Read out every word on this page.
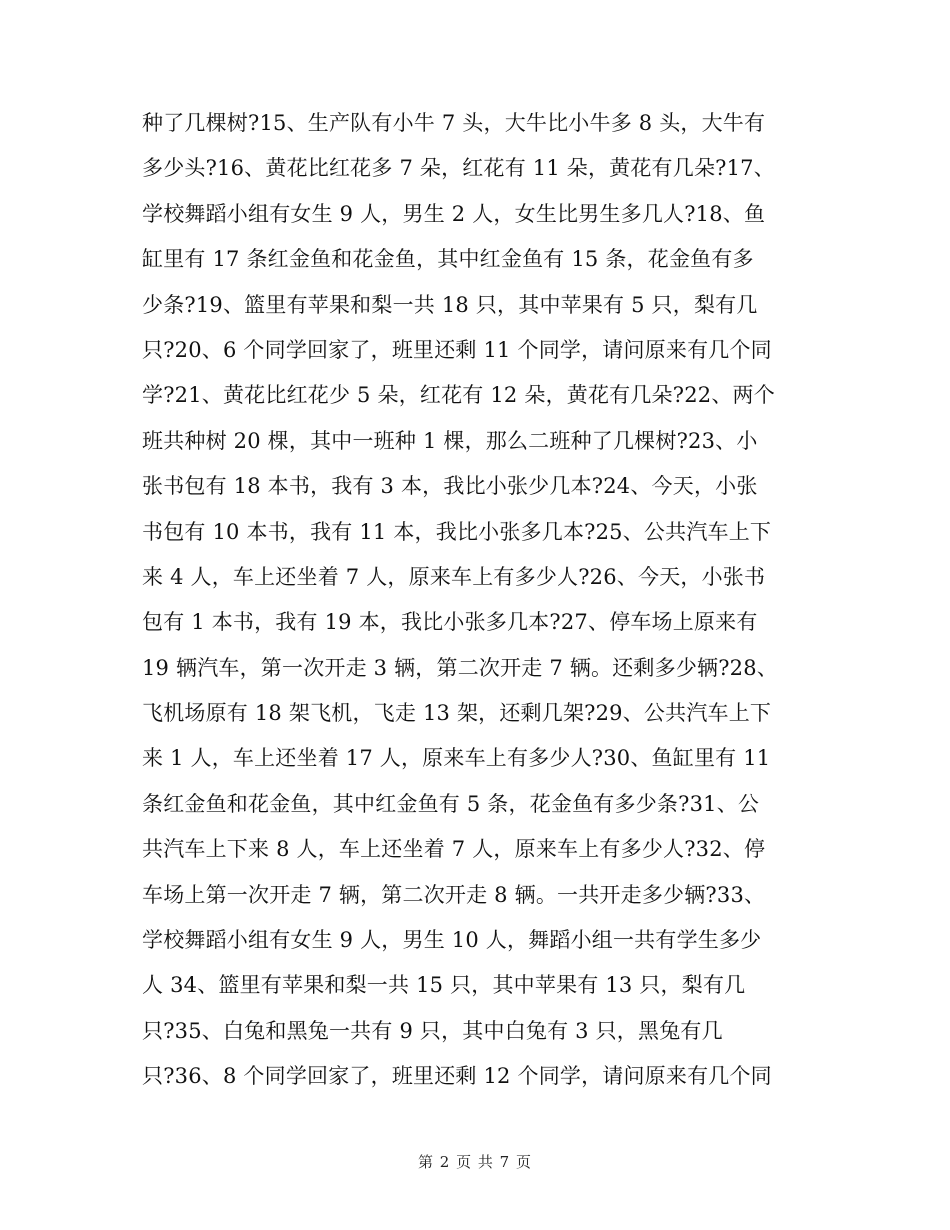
种了几棵树?15、生产队有小牛 7 头，大牛比小牛多 8 头，大牛有
多少头?16、黄花比红花多 7 朵，红花有 11 朵，黄花有几朵?17、
学校舞蹈小组有女生 9 人，男生 2 人，女生比男生多几人?18、鱼
缸里有 17 条红金鱼和花金鱼，其中红金鱼有 15 条，花金鱼有多
少条?19、篮里有苹果和梨一共 18 只，其中苹果有 5 只，梨有几
只?20、6 个同学回家了，班里还剩 11 个同学，请问原来有几个同
学?21、黄花比红花少 5 朵，红花有 12 朵，黄花有几朵?22、两个
班共种树 20 棵，其中一班种 1 棵，那么二班种了几棵树?23、小
张书包有 18 本书，我有 3 本，我比小张少几本?24、今天，小张
书包有 10 本书，我有 11 本，我比小张多几本?25、公共汽车上下
来 4 人，车上还坐着 7 人，原来车上有多少人?26、今天，小张书
包有 1 本书，我有 19 本，我比小张多几本?27、停车场上原来有
19 辆汽车，第一次开走 3 辆，第二次开走 7 辆。还剩多少辆?28、
飞机场原有 18 架飞机，飞走 13 架，还剩几架?29、公共汽车上下
来 1 人，车上还坐着 17 人，原来车上有多少人?30、鱼缸里有 11
条红金鱼和花金鱼，其中红金鱼有 5 条，花金鱼有多少条?31、公
共汽车上下来 8 人，车上还坐着 7 人，原来车上有多少人?32、停
车场上第一次开走 7 辆，第二次开走 8 辆。一共开走多少辆?33、
学校舞蹈小组有女生 9 人，男生 10 人，舞蹈小组一共有学生多少
人 34、篮里有苹果和梨一共 15 只，其中苹果有 13 只，梨有几
只?35、白兔和黑兔一共有 9 只，其中白兔有 3 只，黑兔有几
只?36、8 个同学回家了，班里还剩 12 个同学，请问原来有几个同
第 2 页 共 7 页
